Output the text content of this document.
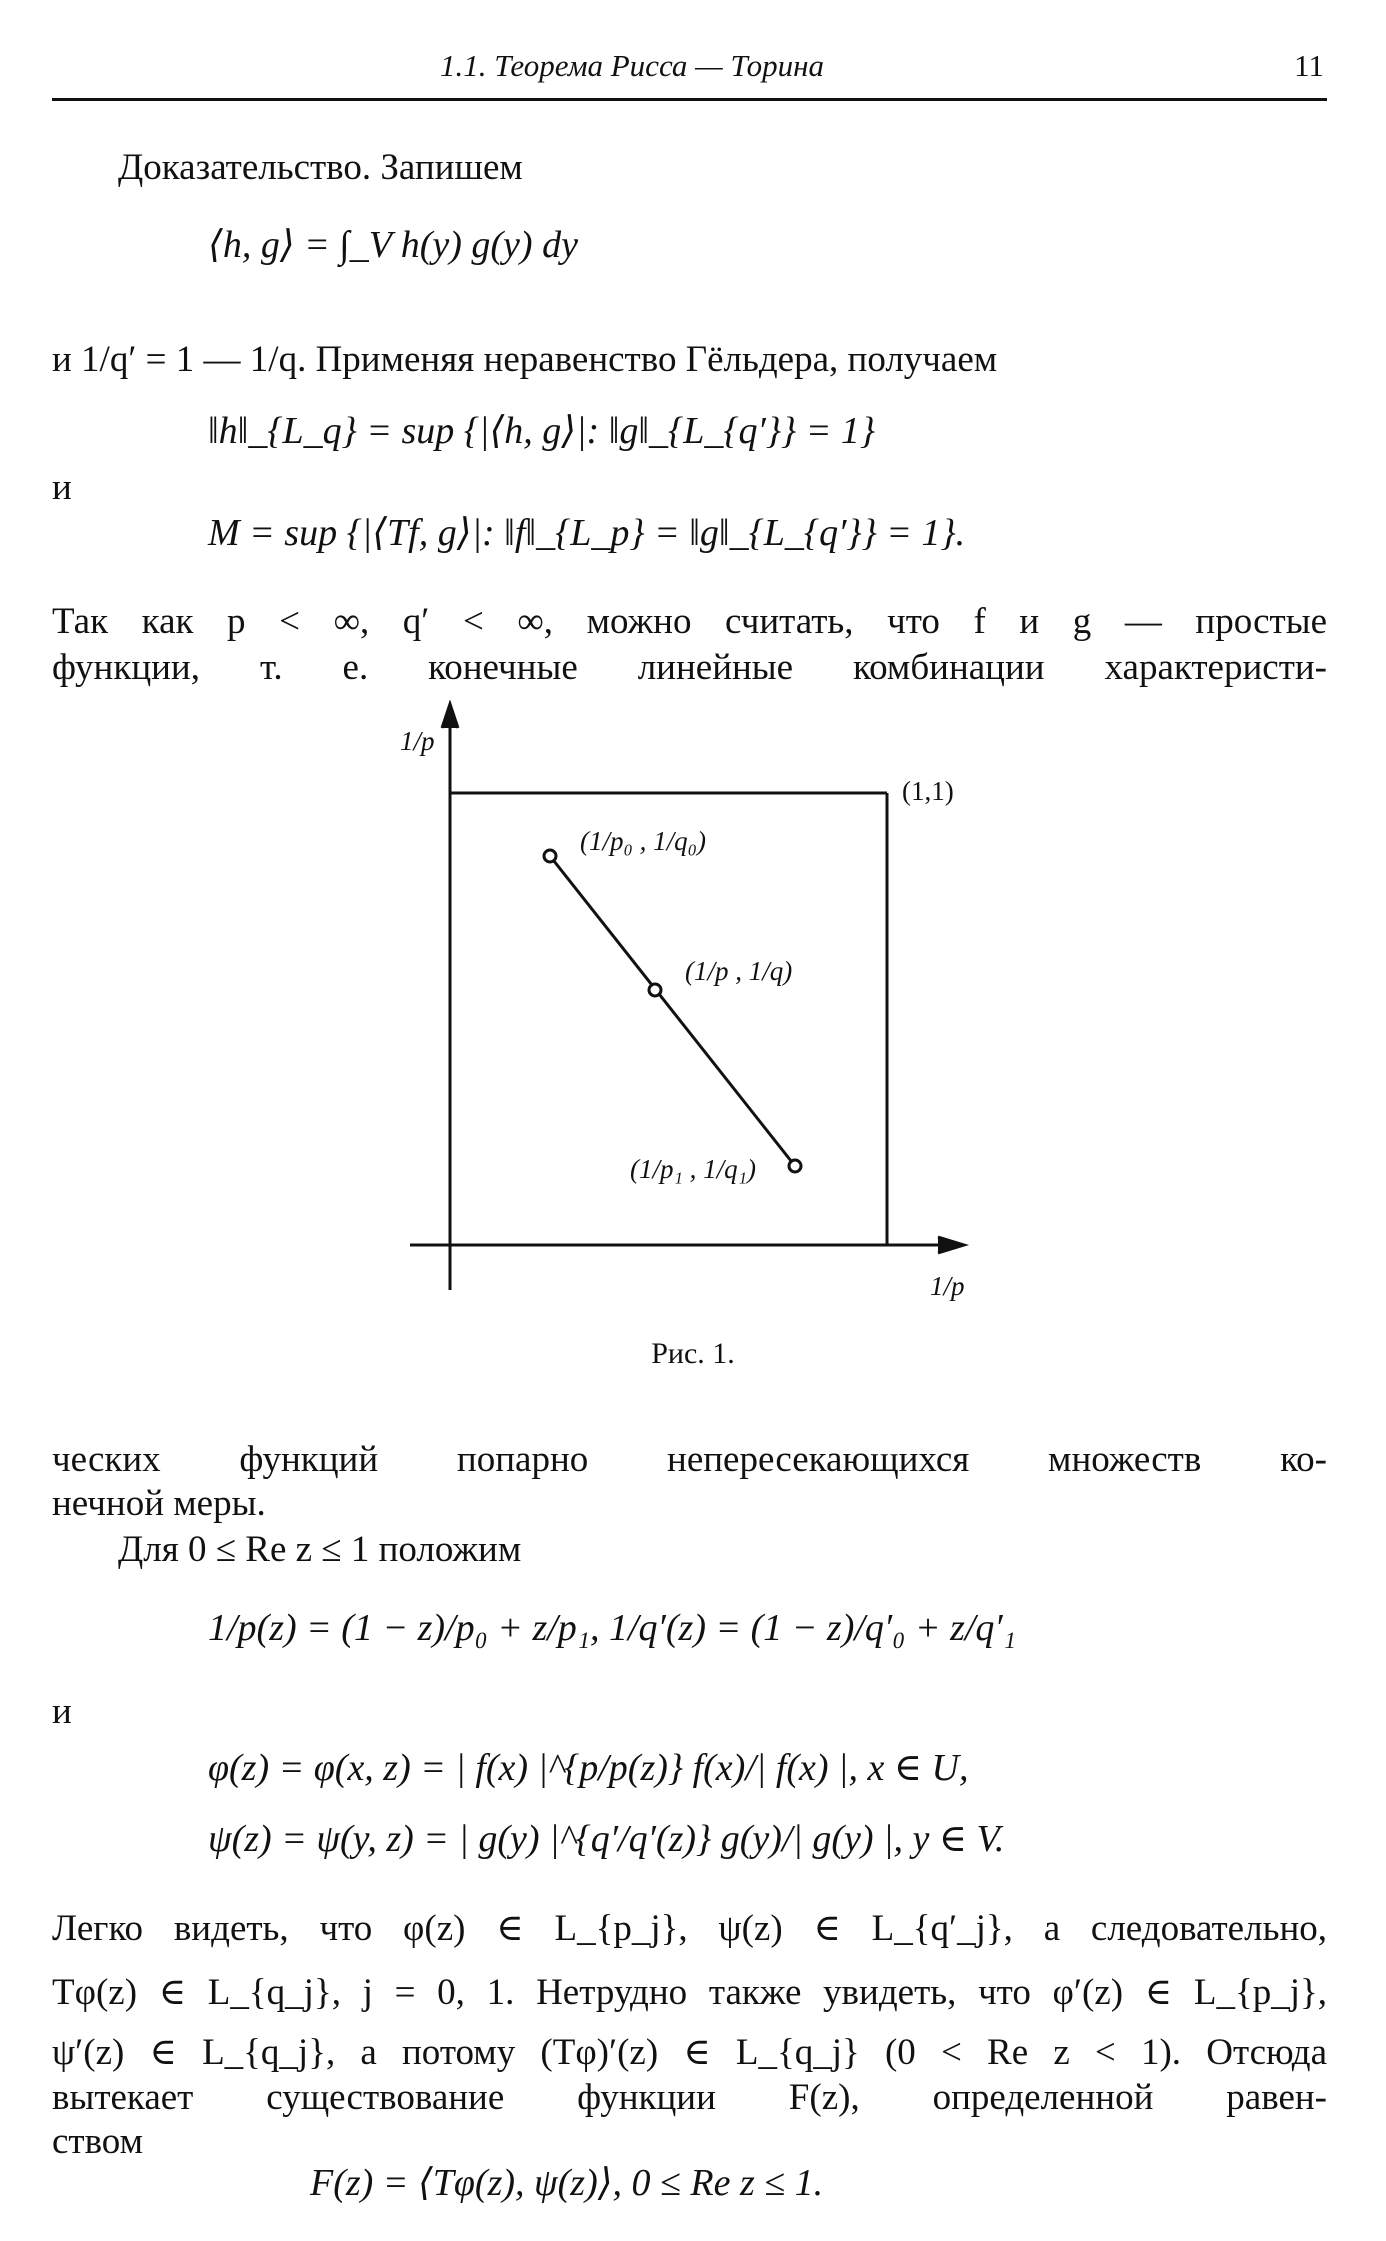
1.1. Теорема Рисса — Торина	11
Доказательство. Запишем
⟨h, g⟩ = ∫_V h(y) g(y) dy
и 1/q′ = 1 — 1/q. Применяя неравенство Гёльдера, получаем
‖h‖_{L_q} = sup {|⟨h, g⟩|: ‖g‖_{L_{q′}} = 1}
и
M = sup {|⟨Tf, g⟩|: ‖f‖_{L_p} = ‖g‖_{L_{q′}} = 1}.
Так как p < ∞, q′ < ∞, можно считать, что f и g — простые
функции, т. е. конечные линейные комбинации характеристи-
1/p
(1,1)
(1/p₀ , 1/q₀)
(1/p , 1/q)
(1/p₁ , 1/q₁)
1/p
Рис. 1.
ческих функций попарно непересекающихся множеств ко-
нечной меры.
Для 0 ≤ Re z ≤ 1 положим
1/p(z) = (1 − z)/p₀ + z/p₁, 1/q′(z) = (1 − z)/q′₀ + z/q′₁
и
φ(z) = φ(x, z) = | f(x) |^{p/p(z)} f(x)/| f(x) |, x ∈ U,
ψ(z) = ψ(y, z) = | g(y) |^{q′/q′(z)} g(y)/| g(y) |, y ∈ V.
Легко видеть, что φ(z) ∈ L_{p_j}, ψ(z) ∈ L_{q′_j}, а следовательно,
Tφ(z) ∈ L_{q_j}, j = 0, 1. Нетрудно также увидеть, что φ′(z) ∈ L_{p_j},
ψ′(z) ∈ L_{q_j}, а потому (Tφ)′(z) ∈ L_{q_j} (0 < Re z < 1). Отсюда
вытекает существование функции F(z), определенной равен-
ством
F(z) = ⟨Tφ(z), ψ(z)⟩, 0 ≤ Re z ≤ 1.
